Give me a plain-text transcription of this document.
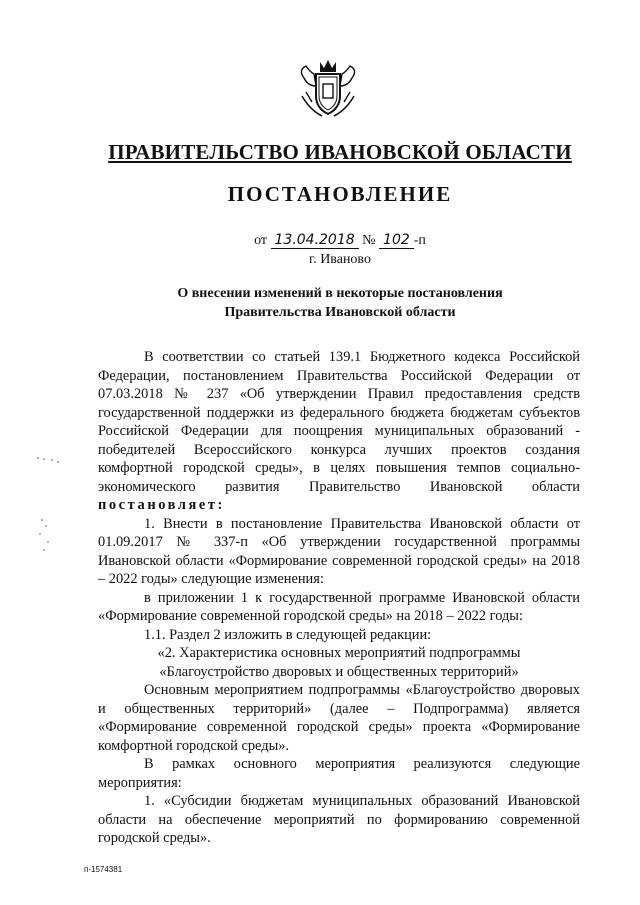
ПРАВИТЕЛЬСТВО ИВАНОВСКОЙ ОБЛАСТИ
ПОСТАНОВЛЕНИЕ
от 13.04.2018 № 102 -п
г. Иваново
О внесении изменений в некоторые постановления
Правительства Ивановской области

В соответствии со статьей 139.1 Бюджетного кодекса Российской Федерации, постановлением Правительства Российской Федерации от 07.03.2018 № 237 «Об утверждении Правил предоставления средств государственной поддержки из федерального бюджета бюджетам субъектов Российской Федерации для поощрения муниципальных образований - победителей Всероссийского конкурса лучших проектов создания комфортной городской среды», в целях повышения темпов социально-экономического развития Правительство Ивановской области постановляет:

1. Внести в постановление Правительства Ивановской области от 01.09.2017 № 337-п «Об утверждении государственной программы Ивановской области «Формирование современной городской среды» на 2018 – 2022 годы» следующие изменения:

в приложении 1 к государственной программе Ивановской области «Формирование современной городской среды» на 2018 – 2022 годы:

1.1. Раздел 2 изложить в следующей редакции:

«2. Характеристика основных мероприятий подпрограммы

«Благоустройство дворовых и общественных территорий»

Основным мероприятием подпрограммы «Благоустройство дворовых и общественных территорий» (далее – Подпрограмма) является «Формирование современной городской среды» проекта «Формирование комфортной городской среды».

В рамках основного мероприятия реализуются следующие мероприятия:

1. «Субсидии бюджетам муниципальных образований Ивановской области на обеспечение мероприятий по формированию современной городской среды».

п-1574381
